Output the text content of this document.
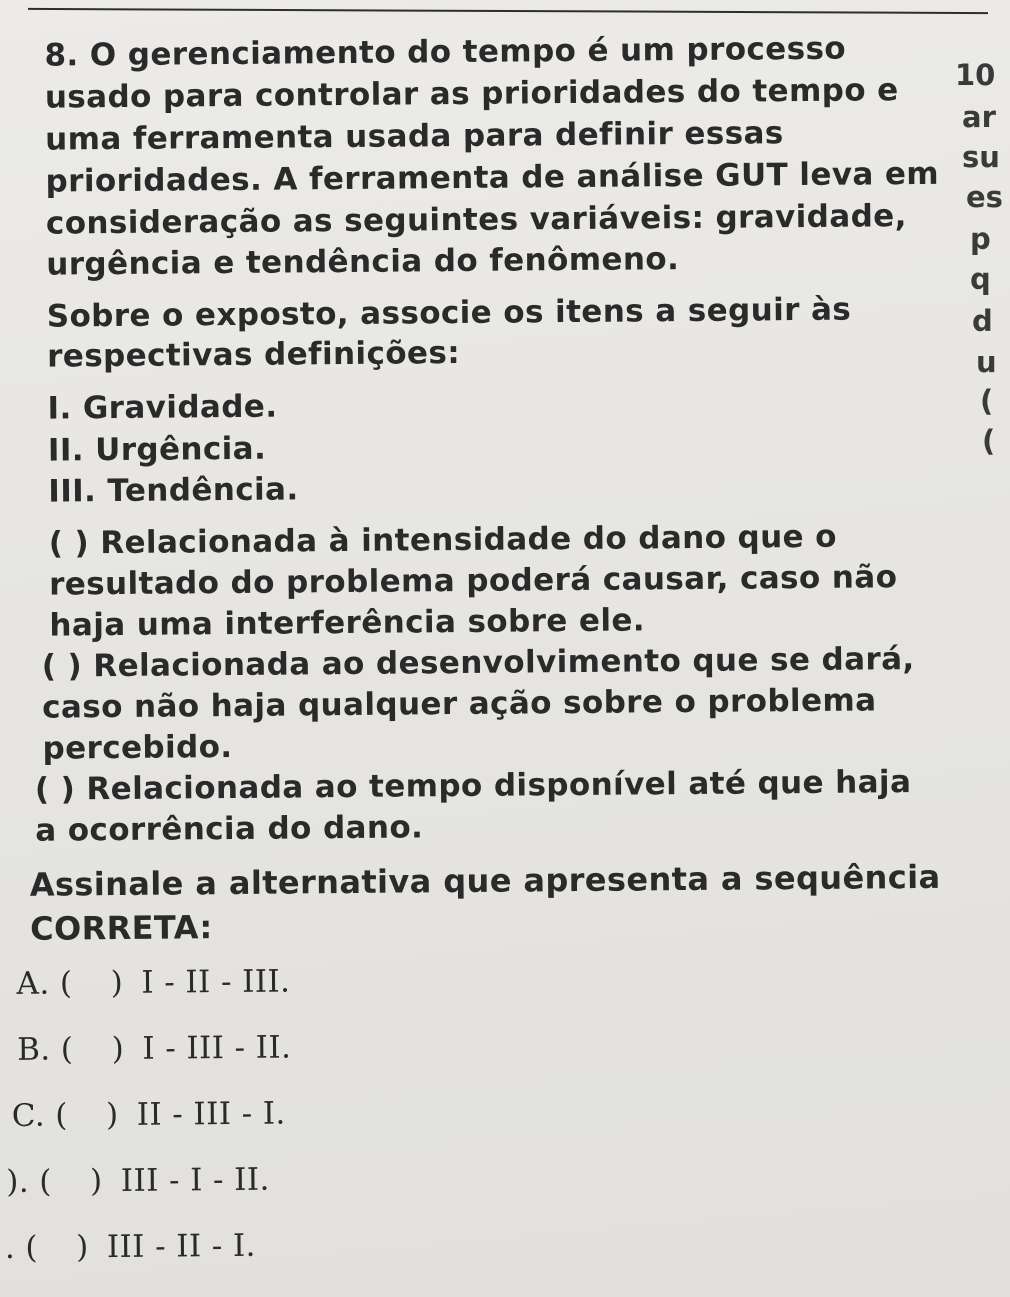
8. O gerenciamento do tempo é um processo
usado para controlar as prioridades do tempo e
uma ferramenta usada para definir essas
prioridades. A ferramenta de análise GUT leva em
consideração as seguintes variáveis: gravidade,
urgência e tendência do fenômeno.
Sobre o exposto, associe os itens a seguir às
respectivas definições:
I. Gravidade.
II. Urgência.
III. Tendência.
( ) Relacionada à intensidade do dano que o
resultado do problema poderá causar, caso não
haja uma interferência sobre ele.
( ) Relacionada ao desenvolvimento que se dará,
caso não haja qualquer ação sobre o problema
percebido.
( ) Relacionada ao tempo disponível até que haja
a ocorrência do dano.
Assinale a alternativa que apresenta a sequência
CORRETA:
A. ( ) I - II - III.
B. ( ) I - III - II.
C. ( ) II - III - I.
). ( ) III - I - II.
. ( ) III - II - I.
10
ar
su
es
p
q
d
u
(
(
